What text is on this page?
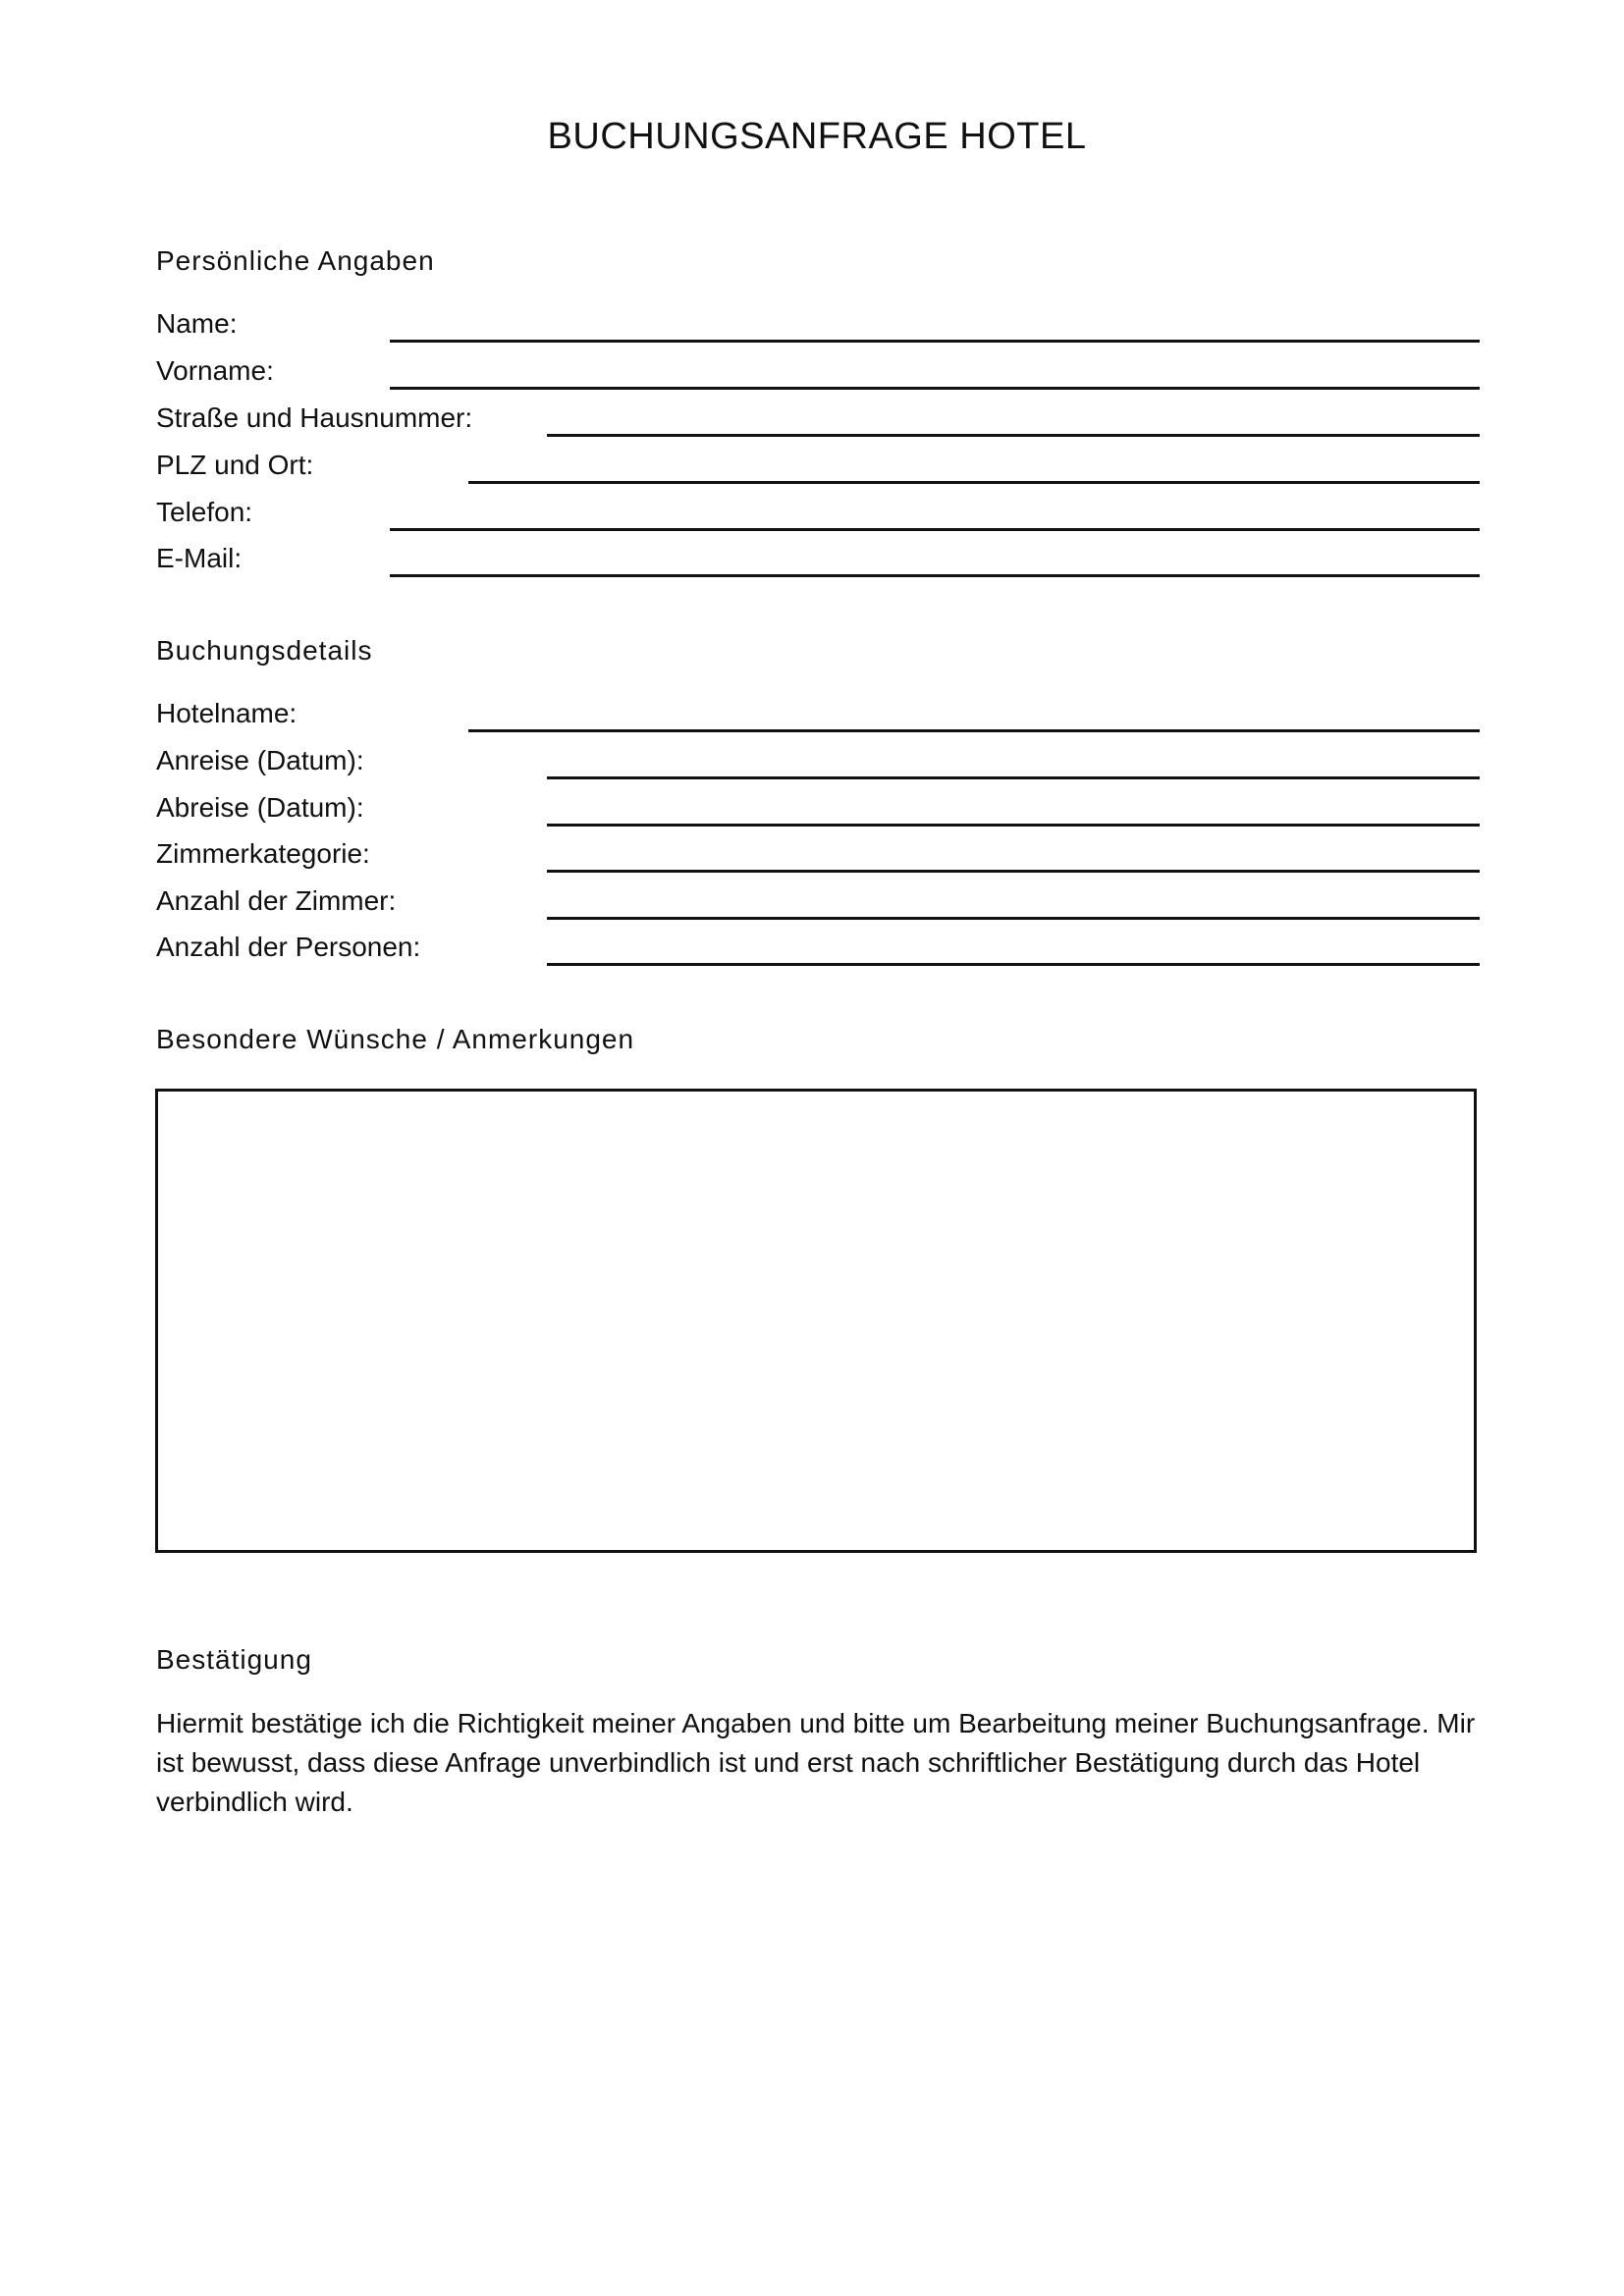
BUCHUNGSANFRAGE HOTEL
Persönliche Angaben
Name:
Vorname:
Straße und Hausnummer:
PLZ und Ort:
Telefon:
E-Mail:
Buchungsdetails
Hotelname:
Anreise (Datum):
Abreise (Datum):
Zimmerkategorie:
Anzahl der Zimmer:
Anzahl der Personen:
Besondere Wünsche / Anmerkungen
Bestätigung

Hiermit bestätige ich die Richtigkeit meiner Angaben und bitte um Bearbeitung meiner Buchungsanfrage. Mir ist bewusst, dass diese Anfrage unverbindlich ist und erst nach schriftlicher Bestätigung durch das Hotel verbindlich wird.
